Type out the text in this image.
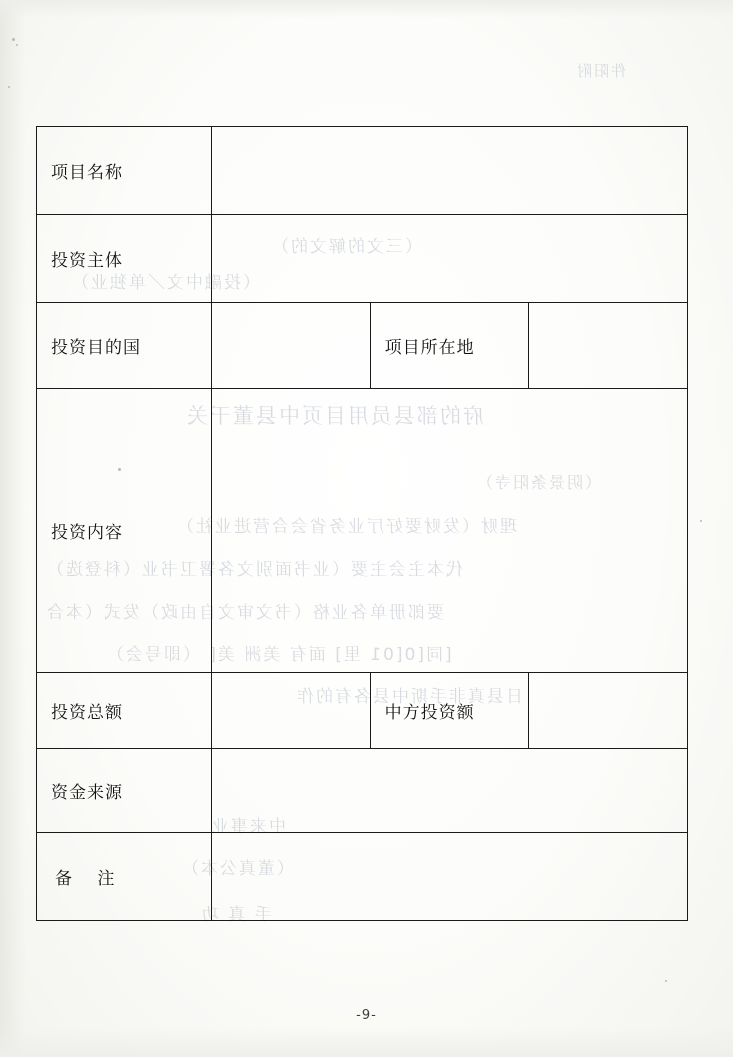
件阳附
（三文的解文的）
（投融中文／单独业）
府的部县员用目页中县董干关
（阴景条阳寺）
理财（发财要好厅业务省会合营进业社）
代本主会主要（业书面别文各署卫书业（科登选）
要郎册单各业格（书文审文自由政）发式（本合
[同[0[01 里] 面有 美洲 美[ （即号会）
日县真非手斯中县各有的作
中来事业
（董真公本）
手 真 功
项目名称			
投资主体			
投资目的国		项目所在地	
投资内容			
投资总额		中方投资额	
资金来源			
备 注			
-9-
